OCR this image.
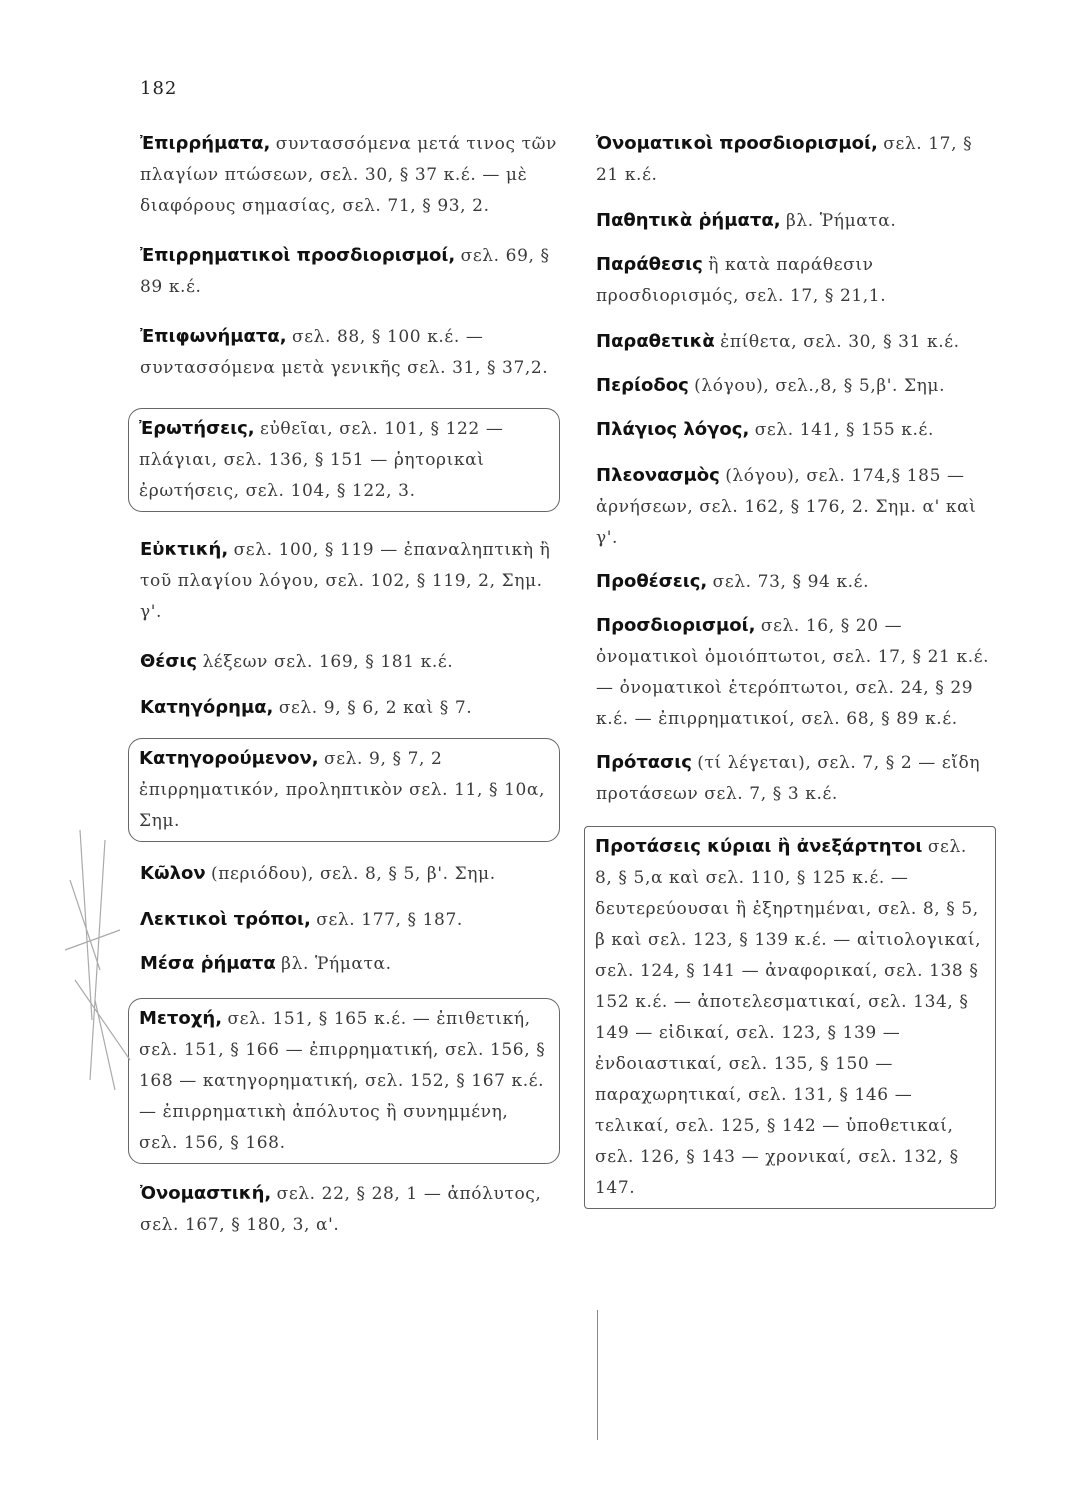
182

Ἐπιρρήματα, συντασσόμενα μετά τινος τῶν πλαγίων πτώσεων, σελ. 30, § 37 κ.έ. — μὲ διαφόρους σημασίας, σελ. 71, § 93, 2.

Ἐπιρρηματικοὶ προσδιορισμοί, σελ. 69, § 89 κ.έ.

Ἐπιφωνήματα, σελ. 88, § 100 κ.έ. — συντασσόμενα μετὰ γενικῆς σελ. 31, § 37,2.

Ἐρωτήσεις, εὐθεῖαι, σελ. 101, § 122 — πλάγιαι, σελ. 136, § 151 — ῥητορικαὶ ἐρωτήσεις, σελ. 104, § 122, 3.

Εὐκτική, σελ. 100, § 119 — ἐπαναληπτικὴ ἢ τοῦ πλαγίου λόγου, σελ. 102, § 119, 2, Σημ. γ'.

Θέσις λέξεων σελ. 169, § 181 κ.έ.

Κατηγόρημα, σελ. 9, § 6, 2 καὶ § 7.

Κατηγορούμενον, σελ. 9, § 7, 2 ἐπιρρηματικόν, προληπτικὸν σελ. 11, § 10α, Σημ.

Κῶλον (περιόδου), σελ. 8, § 5, β'. Σημ.

Λεκτικοὶ τρόποι, σελ. 177, § 187.

Μέσα ῥήματα βλ. Ῥήματα.

Μετοχή, σελ. 151, § 165 κ.έ. — ἐπιθετική, σελ. 151, § 166 — ἐπιρρηματική, σελ. 156, § 168 — κατηγορηματική, σελ. 152, § 167 κ.έ. — ἐπιρρηματικὴ ἀπόλυτος ἢ συνημμένη, σελ. 156, § 168.

Ὀνομαστική, σελ. 22, § 28, 1 — ἀπόλυτος, σελ. 167, § 180, 3, α'.

Ὀνοματικοὶ προσδιορισμοί, σελ. 17, § 21 κ.έ.

Παθητικὰ ῥήματα, βλ. Ῥήματα.

Παράθεσις ἢ κατὰ παράθεσιν προσδιορισμός, σελ. 17, § 21,1.

Παραθετικὰ ἐπίθετα, σελ. 30, § 31 κ.έ.

Περίοδος (λόγου), σελ.,8, § 5,β'. Σημ.

Πλάγιος λόγος, σελ. 141, § 155 κ.έ.

Πλεονασμὸς (λόγου), σελ. 174,§ 185 — ἀρνήσεων, σελ. 162, § 176, 2. Σημ. α' καὶ γ'.

Προθέσεις, σελ. 73, § 94 κ.έ.

Προσδιορισμοί, σελ. 16, § 20 — ὀνοματικοὶ ὁμοιόπτωτοι, σελ. 17, § 21 κ.έ. — ὀνοματικοὶ ἑτερόπτωτοι, σελ. 24, § 29 κ.έ. — ἐπιρρηματικοί, σελ. 68, § 89 κ.έ.

Πρότασις (τί λέγεται), σελ. 7, § 2 — εἴδη προτάσεων σελ. 7, § 3 κ.έ.

Προτάσεις κύριαι ἢ ἀνεξάρτητοι σελ. 8, § 5,α καὶ σελ. 110, § 125 κ.έ. — δευτερεύουσαι ἢ ἐξηρτημέναι, σελ. 8, § 5, β καὶ σελ. 123, § 139 κ.έ. — αἰτιολογικαί, σελ. 124, § 141 — ἀναφορικαί, σελ. 138 § 152 κ.έ. — ἀποτελεσματικαί, σελ. 134, § 149 — εἰδικαί, σελ. 123, § 139 — ἐνδοιαστικαί, σελ. 135, § 150 — παραχωρητικαί, σελ. 131, § 146 — τελικαί, σελ. 125, § 142 — ὑποθετικαί, σελ. 126, § 143 — χρονικαί, σελ. 132, § 147.
